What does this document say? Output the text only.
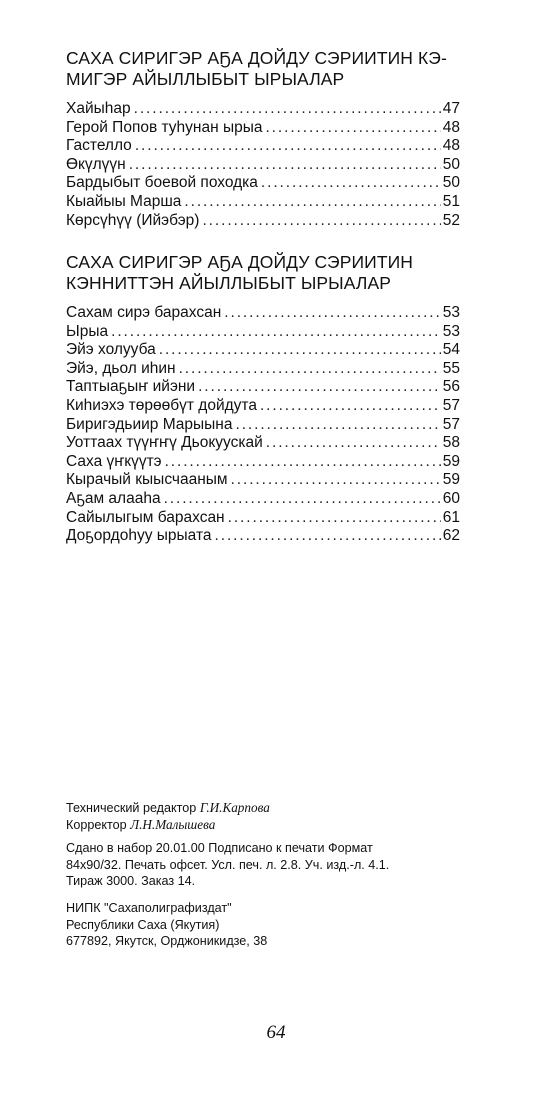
САХА СИРИГЭР АҔА ДОЙДУ СЭРИИТИН КЭ-
МИГЭР АЙЫЛЛЫБЫТ ЫРЫАЛАР
Хайыһар . . .	47
Герой Попов туһунан ырыа . . .	48
Гастелло . . .	48
Өкүлүүн . . .	50
Бардыбыт боевой походка . . .	50
Кыайыы Марша . . .	51
Көрсүһүү (Ийэбэр) . . .	52
САХА СИРИГЭР АҔА ДОЙДУ СЭРИИТИН
КЭННИТТЭН АЙЫЛЛЫБЫТ ЫРЫАЛАР
Сахам сирэ барахсан . . .	53
Ырыа . . .	53
Эйэ холууба . . .	54
Эйэ, дьол иһин . . .	55
Таптыаҕыҥ ийэни . . .	56
Киһиэхэ төрөөбүт дойдута . . .	57
Биригэдьиир Марыына . . .	57
Уоттаах түүҥҥү Дьокуускай . . .	58
Саха үҥкүүтэ . . .	59
Кырачый кыысчааным . . .	59
Аҕам алааһа . . .	60
Сайылыгым барахсан . . .	61
Доҕордоһуу ырыата . . .	62
Технический редактор Г.И.Карпова
Корректор Л.Н.Малышева
Сдано в набор 20.01.00 Подписано к печати Формат
84х90/32. Печать офсет. Усл. печ. л. 2.8. Уч. изд.-л. 4.1.
Тираж 3000. Заказ 14.
НИПК "Сахаполиграфиздат"
Республики Саха (Якутия)
677892, Якутск, Орджоникидзе, 38
64
